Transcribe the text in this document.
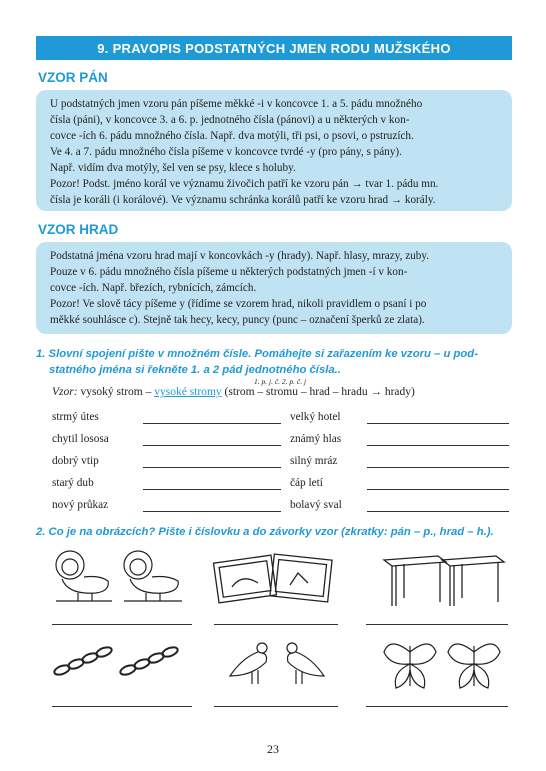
9. PRAVOPIS PODSTATNÝCH JMEN RODU MUŽSKÉHO
VZOR PÁN

U podstatných jmen vzoru pán píšeme měkké -i v koncovce 1. a 5. pádu množného

čísla (páni), v koncovce 3. a 6. p. jednotného čísla (pánovi) a u některých v kon-

covce -ích 6. pádu množného čísla. Např. dva motýli, tři psi, o psovi, o pstruzích.

Ve 4. a 7. pádu množného čísla píšeme v koncovce tvrdé -y (pro pány, s pány).

Např. vidím dva motýly, šel ven se psy, klece s holuby.

Pozor! Podst. jméno korál ve významu živočich patří ke vzoru pán → tvar 1. pádu mn.

čísla je koráli (i korálové). Ve významu schránka korálů patří ke vzoru hrad → korály.

VZOR HRAD

Podstatná jména vzoru hrad mají v koncovkách -y (hrady). Např. hlasy, mrazy, zuby.

Pouze v 6. pádu množného čísla píšeme u některých podstatných jmen -í v kon-

covce -ích. Např. březích, rybnících, zámcích.

Pozor! Ve slově tácy píšeme y (řídíme se vzorem hrad, nikoli pravidlem o psaní i po

měkké souhlásce c). Stejně tak hecy, kecy, puncy (punc – označení šperků ze zlata).

1. Slovní spojení pište v množném čísle. Pomáhejte si zařazením ke vzoru – u pod-
statného jména si řekněte 1. a 2 pád jednotného čísla..
1. p. j. č. 2. p. č. j
Vzor: vysoký strom – vysoké stromy (strom – stromu – hrad – hradu → hrady)
strmý útes	velký hotel
chytil lososa	známý hlas
dobrý vtip	silný mráz
starý dub	čáp letí
nový průkaz	bolavý sval
2. Co je na obrázcích? Pište i číslovku a do závorky vzor (zkratky: pán – p., hrad – h.).
23
